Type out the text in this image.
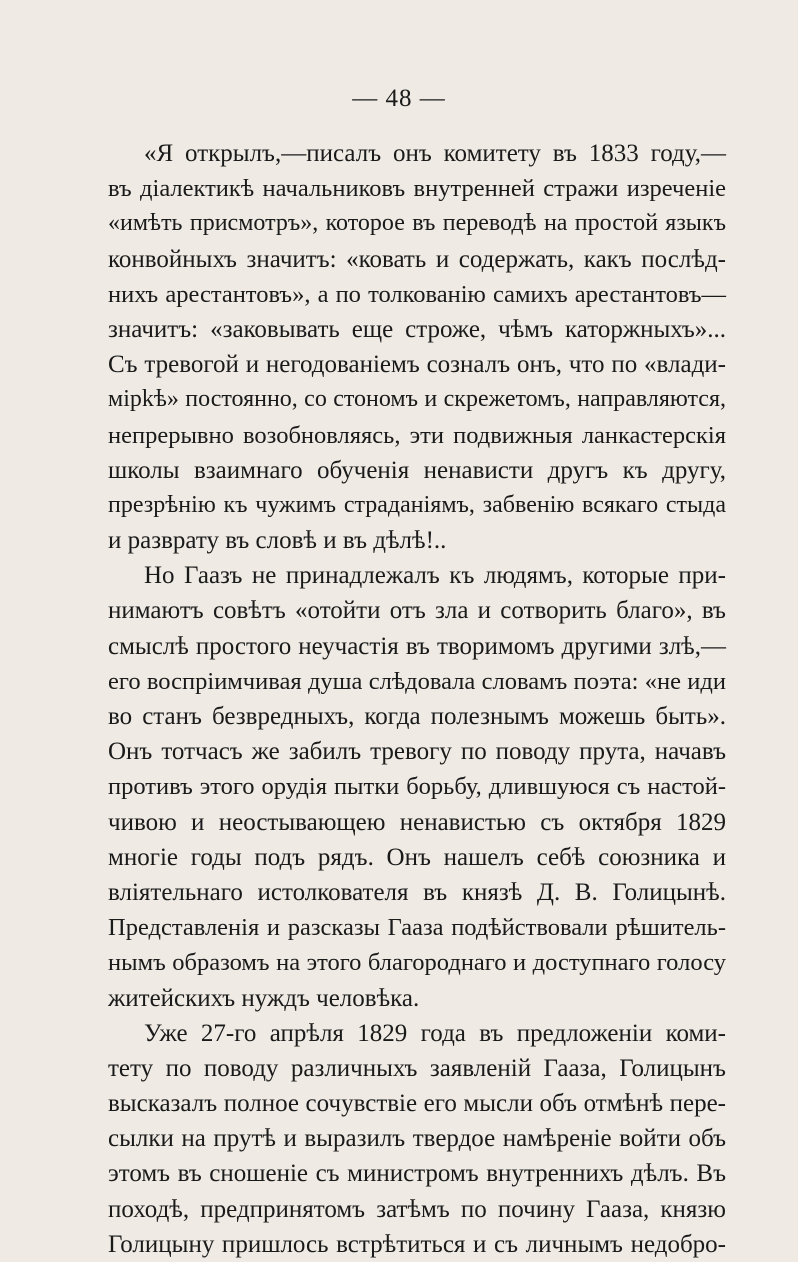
— 48 —
«Я открылъ,—писалъ онъ комитету въ 1833 году,—
въ діалектикѣ начальниковъ внутренней стражи изреченіе
«имѣть присмотръ», которое въ переводѣ на простой языкъ
конвойныхъ значитъ: «ковать и содержать, какъ послѣд-
нихъ арестантовъ», а по толкованію самихъ арестантовъ—
значитъ: «заковывать еще строже, чѣмъ каторжныхъ»...
Съ тревогой и негодованіемъ созналъ онъ, что по «влади-
мірkѣ» постоянно, со стономъ и скрежетомъ, направляются,
непрерывно возобновляясь, эти подвижныя ланкастерскія
школы взаимнаго обученія ненависти другъ къ другу,
презрѣнію къ чужимъ страданіямъ, забвенію всякаго стыда
и разврату въ словѣ и въ дѣлѣ!..
Но Гаазъ не принадлежалъ къ людямъ, которые при-
нимаютъ совѣтъ «отойти отъ зла и сотворить благо», въ
смыслѣ простого неучастія въ творимомъ другими злѣ,—
его воспріимчивая душа слѣдовала словамъ поэта: «не иди
во станъ безвредныхъ, когда полезнымъ можешь быть».
Онъ тотчасъ же забилъ тревогу по поводу прута, начавъ
противъ этого орудія пытки борьбу, длившуюся съ настой-
чивою и неостывающею ненавистью съ октября 1829
многіе годы подъ рядъ. Онъ нашелъ себѣ союзника и
вліятельнаго истолкователя въ князѣ Д. В. Голицынѣ.
Представленія и разсказы Гааза подѣйствовали рѣшитель-
нымъ образомъ на этого благороднаго и доступнаго голосу
житейскихъ нуждъ человѣка.
Уже 27-го апрѣля 1829 года въ предложеніи коми-
тету по поводу различныхъ заявленій Гааза, Голицынъ
высказалъ полное сочувствіе его мысли объ отмѣнѣ пере-
сылки на прутѣ и выразилъ твердое намѣреніе войти объ
этомъ въ сношеніе съ министромъ внутреннихъ дѣлъ. Въ
походѣ, предпринятомъ затѣмъ по почину Гааза, князю
Голицыну пришлось встрѣтиться и съ личнымъ недобро-
